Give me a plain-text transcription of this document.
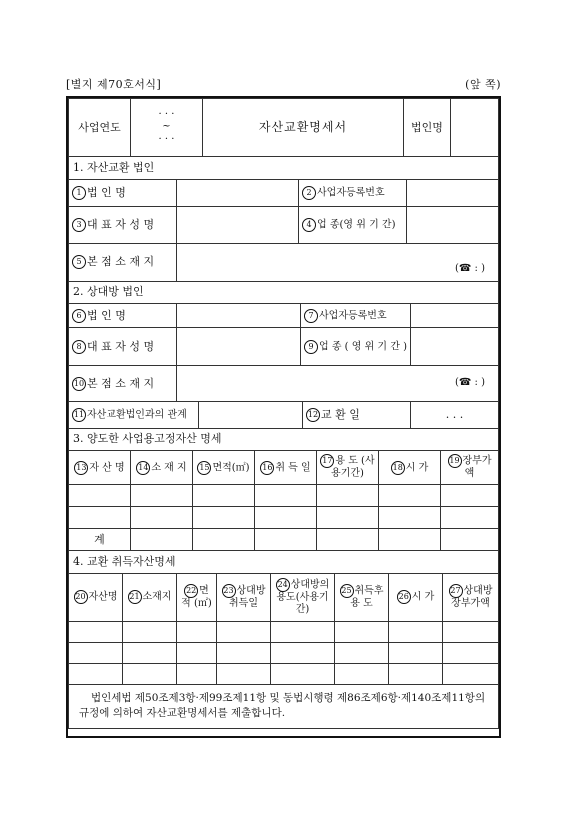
[별지 제70호서식]	(앞 쪽)
사업연도	
· · ·
~
· · ·
	자산교환명세서	법인명	
1. 자산교환 법인			
1 법 인 명		2 사업자등록번호	
3 대 표 자 성 명		4 업 종(영 위 기 간)	
5 본 점 소 재 지	(☎ : )		
2. 상대방 법인			
6 법 인 명		7 사업자등록번호	
8 대 표 자 성 명		9 업 종 ( 영 위 기 간 )	
10 본 점 소 재 지	(☎ : )		
11 자산교환법인과의 관계		12 교 환 일	. . .
3. 양도한 사업용고정자산 명세						
13 자 산 명	14 소 재 지	15 면적(㎡)	16 취 득 일	17 용 도 (사용기간)	18 시 가	19 장부가액

계						
4. 교환 취득자산명세							
20 자산명	21 소재지	22 면 적 (㎡)	23 상대방 취득일	24 상대방의 용도(사용기간)	25 취득후 용 도	26 시 가	27 상대방 장부가액

법인세법 제50조제3항·제99조제11항 및 동법시행령 제86조제6항·제140조제11항의 규정에 의하여 자산교환명세서를 제출합니다.
